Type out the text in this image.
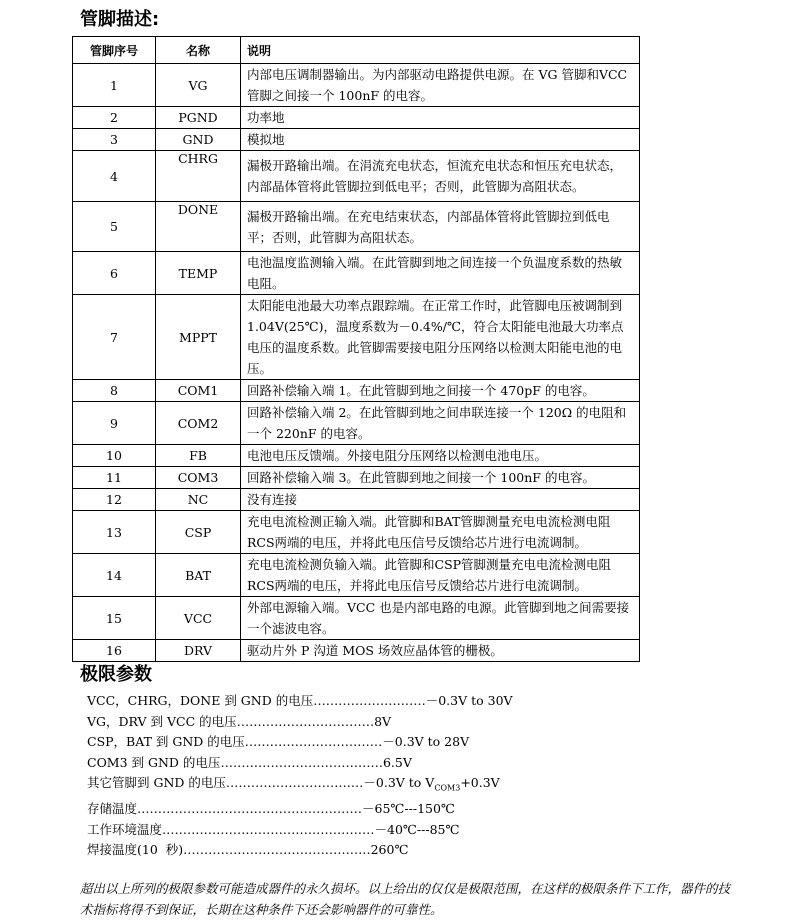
管脚描述:
管脚序号	名称	说明
1	VG	内部电压调制器输出。为内部驱动电路提供电源。在 VG 管脚和VCC 管脚之间接一个 100nF 的电容。
2	PGND	功率地
3	GND	模拟地
4	CHRG	漏极开路输出端。在涓流充电状态，恒流充电状态和恒压充电状态，内部晶体管将此管脚拉到低电平；否则，此管脚为高阻状态。
5	DONE	漏极开路输出端。在充电结束状态，内部晶体管将此管脚拉到低电平；否则，此管脚为高阻状态。
6	TEMP	电池温度监测输入端。在此管脚到地之间连接一个负温度系数的热敏电阻。
7	MPPT	太阳能电池最大功率点跟踪端。在正常工作时，此管脚电压被调制到 1.04V(25℃)，温度系数为－0.4%/℃，符合太阳能电池最大功率点电压的温度系数。此管脚需要接电阻分压网络以检测太阳能电池的电压。
8	COM1	回路补偿输入端 1。在此管脚到地之间接一个 470pF 的电容。
9	COM2	回路补偿输入端 2。在此管脚到地之间串联连接一个 120Ω 的电阻和一个 220nF 的电容。
10	FB	电池电压反馈端。外接电阻分压网络以检测电池电压。
11	COM3	回路补偿输入端 3。在此管脚到地之间接一个 100nF 的电容。
12	NC	没有连接
13	CSP	充电电流检测正输入端。此管脚和BAT管脚测量充电电流检测电阻RCS两端的电压，并将此电压信号反馈给芯片进行电流调制。
14	BAT	充电电流检测负输入端。此管脚和CSP管脚测量充电电流检测电阻RCS两端的电压，并将此电压信号反馈给芯片进行电流调制。
15	VCC	外部电源输入端。VCC 也是内部电路的电源。此管脚到地之间需要接一个滤波电容。
16	DRV	驱动片外 P 沟道 MOS 场效应晶体管的栅极。
极限参数
VCC，CHRG，DONE 到 GND 的电压………………………－0.3V to 30V
VG，DRV 到 VCC 的电压……………………………8V
CSP，BAT 到 GND 的电压……………………………－0.3V to 28V
COM3 到 GND 的电压…………………………………6.5V
其它管脚到 GND 的电压……………………………－0.3V to $V_{COM3}+0.3V$
存储温度………………………………………………－65℃---150℃
工作环境温度……………………………………………－40℃---85℃
焊接温度(10  秒)………………………………………260℃
超出以上所列的极限参数可能造成器件的永久损坏。以上给出的仅仅是极限范围，在这样的极限条件下工作，器件的技术指标将得不到保证，长期在这种条件下还会影响器件的可靠性。
